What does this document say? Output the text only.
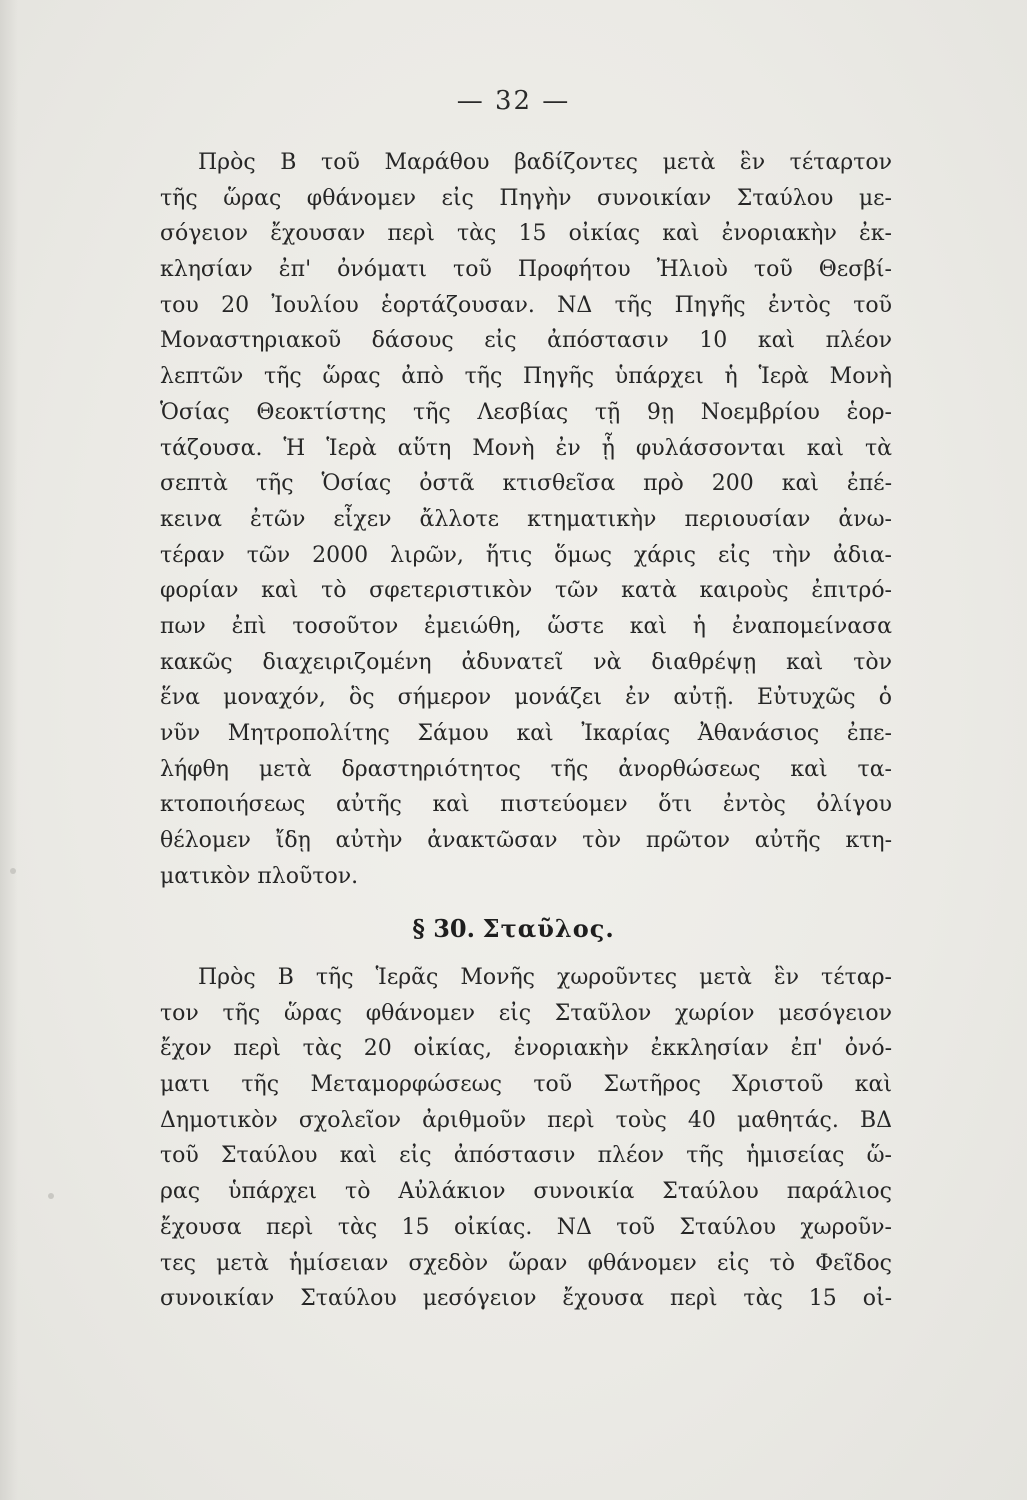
— 32 —
Πρὸς Β τοῦ Μαράθου βαδίζοντες μετὰ ἓν τέταρτον
τῆς ὥρας φθάνομεν εἰς Πηγὴν συνοικίαν Σταύλου με-
σόγειον ἔχουσαν περὶ τὰς 15 οἰκίας καὶ ἐνοριακὴν ἐκ-
κλησίαν ἐπ' ὀνόματι τοῦ Προφήτου Ἠλιοὺ τοῦ Θεσβί-
του 20 Ἰουλίου ἑορτάζουσαν. ΝΔ τῆς Πηγῆς ἐντὸς τοῦ
Μοναστηριακοῦ δάσους εἰς ἀπόστασιν 10 καὶ πλέον
λεπτῶν τῆς ὥρας ἀπὸ τῆς Πηγῆς ὑπάρχει ἡ Ἱερὰ Μονὴ
Ὁσίας Θεοκτίστης τῆς Λεσβίας τῇ 9ῃ Νοεμβρίου ἑορ-
τάζουσα. Ἡ Ἱερὰ αὕτη Μονὴ ἐν ᾗ φυλάσσονται καὶ τὰ
σεπτὰ τῆς Ὁσίας ὀστᾶ κτισθεῖσα πρὸ 200 καὶ ἐπέ-
κεινα ἐτῶν εἶχεν ἄλλοτε κτηματικὴν περιουσίαν ἀνω-
τέραν τῶν 2000 λιρῶν, ἥτις ὅμως χάρις εἰς τὴν ἀδια-
φορίαν καὶ τὸ σφετεριστικὸν τῶν κατὰ καιροὺς ἐπιτρό-
πων ἐπὶ τοσοῦτον ἐμειώθη, ὥστε καὶ ἡ ἐναπομείνασα
κακῶς διαχειριζομένη ἀδυνατεῖ νὰ διαθρέψῃ καὶ τὸν
ἕνα μοναχόν, ὃς σήμερον μονάζει ἐν αὐτῇ. Εὐτυχῶς ὁ
νῦν Μητροπολίτης Σάμου καὶ Ἰκαρίας Ἀθανάσιος ἐπε-
λήφθη μετὰ δραστηριότητος τῆς ἀνορθώσεως καὶ τα-
κτοποιήσεως αὐτῆς καὶ πιστεύομεν ὅτι ἐντὸς ὀλίγου
θέλομεν ἴδῃ αὐτὴν ἀνακτῶσαν τὸν πρῶτον αὐτῆς κτη-
ματικὸν πλοῦτον.
§ 30. Σταῦλος.
Πρὸς Β τῆς Ἱερᾶς Μονῆς χωροῦντες μετὰ ἓν τέταρ-
τον τῆς ὥρας φθάνομεν εἰς Σταῦλον χωρίον μεσόγειον
ἔχον περὶ τὰς 20 οἰκίας, ἐνοριακὴν ἐκκλησίαν ἐπ' ὀνό-
ματι τῆς Μεταμορφώσεως τοῦ Σωτῆρος Χριστοῦ καὶ
Δημοτικὸν σχολεῖον ἀριθμοῦν περὶ τοὺς 40 μαθητάς. ΒΔ
τοῦ Σταύλου καὶ εἰς ἀπόστασιν πλέον τῆς ἡμισείας ὥ-
ρας ὑπάρχει τὸ Αὐλάκιον συνοικία Σταύλου παράλιος
ἔχουσα περὶ τὰς 15 οἰκίας. ΝΔ τοῦ Σταύλου χωροῦν-
τες μετὰ ἡμίσειαν σχεδὸν ὥραν φθάνομεν εἰς τὸ Φεῖδος
συνοικίαν Σταύλου μεσόγειον ἔχουσα περὶ τὰς 15 οἰ-
